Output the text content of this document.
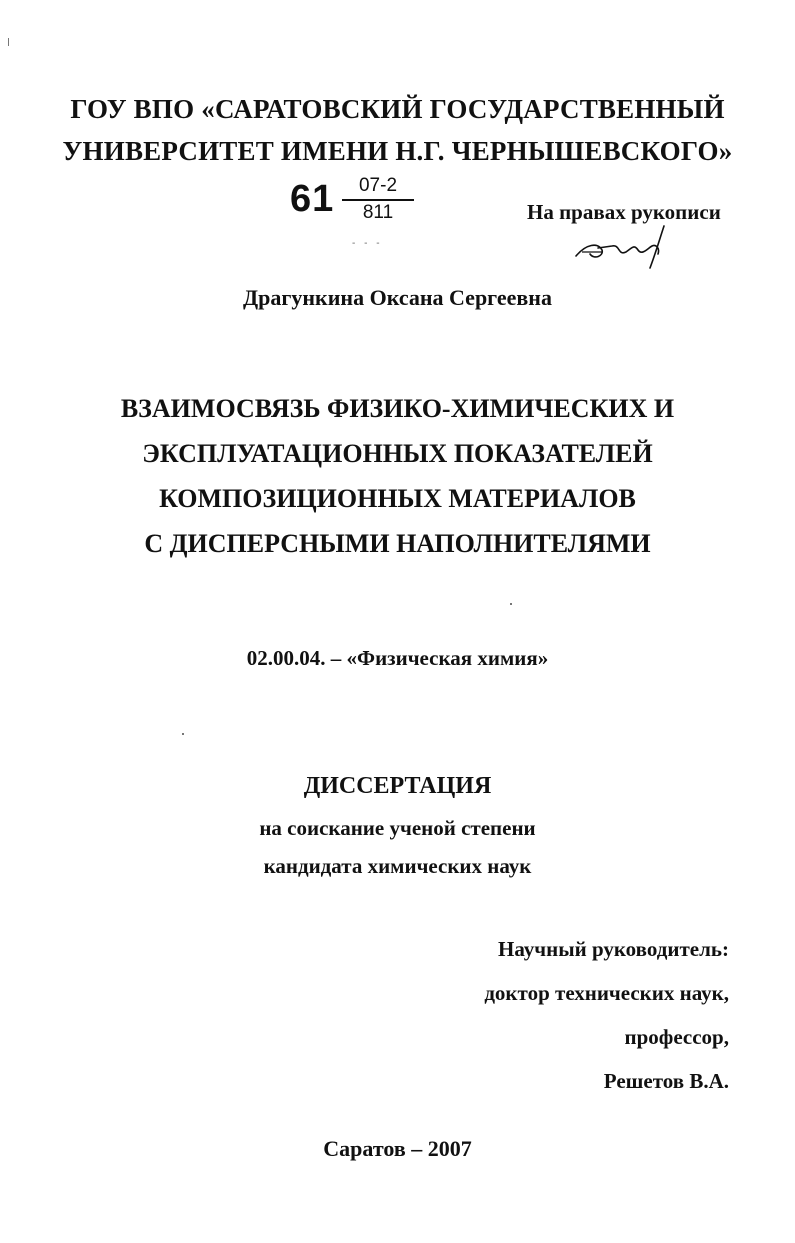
ГОУ ВПО «САРАТОВСКИЙ ГОСУДАРСТВЕННЫЙ
УНИВЕРСИТЕТ ИМЕНИ Н.Г. ЧЕРНЫШЕВСКОГО»
61	07-2
811
- - -
На правах рукописи
Драгункина Оксана Сергеевна
ВЗАИМОСВЯЗЬ ФИЗИКО-ХИМИЧЕСКИХ И
ЭКСПЛУАТАЦИОННЫХ ПОКАЗАТЕЛЕЙ
КОМПОЗИЦИОННЫХ МАТЕРИАЛОВ
С ДИСПЕРСНЫМИ НАПОЛНИТЕЛЯМИ
02.00.04. – «Физическая химия»
ДИССЕРТАЦИЯ
на соискание ученой степени
кандидата химических наук
Научный руководитель:
доктор технических наук,
профессор,
Решетов В.А.
Саратов – 2007
